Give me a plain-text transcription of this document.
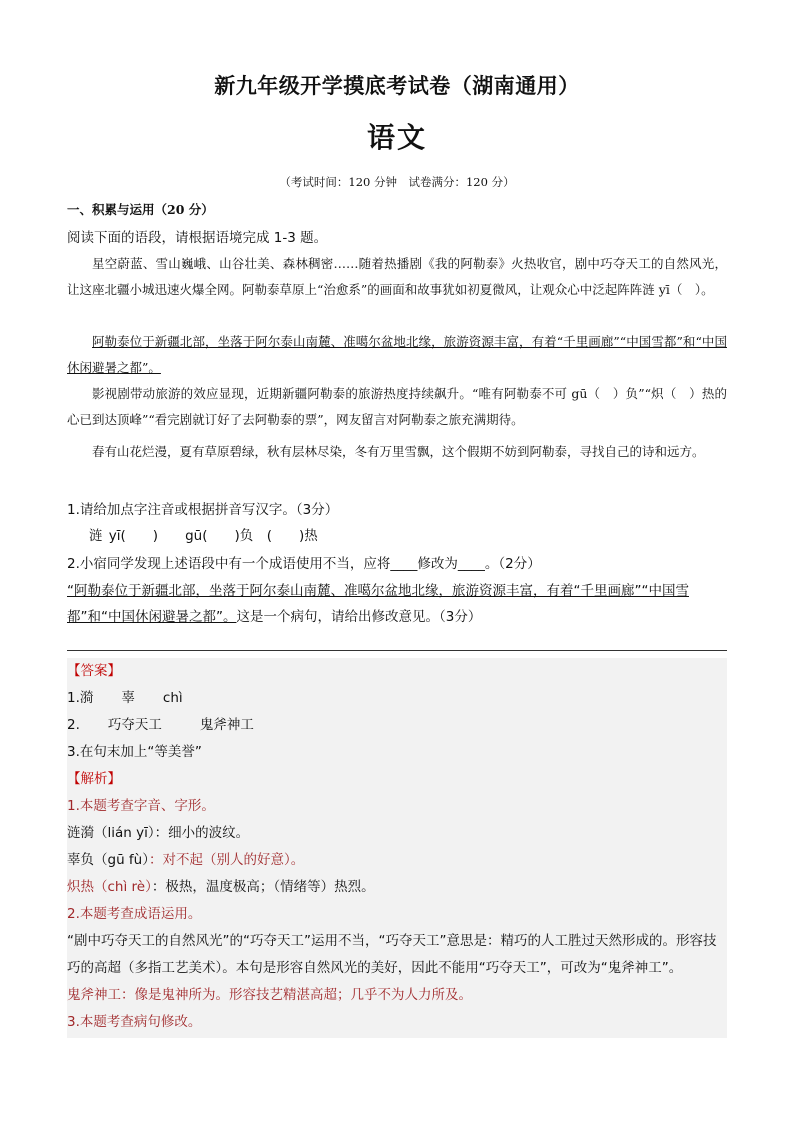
新九年级开学摸底考试卷（湖南通用）
语文
（考试时间：120 分钟　试卷满分：120 分）
一、积累与运用（20 分）
阅读下面的语段，请根据语境完成 1-3 题。
星空蔚蓝、雪山巍峨、山谷壮美、森林稠密……随着热播剧《我的阿勒泰》火热收官，剧中巧夺天工的自然风光，让这座北疆小城迅速火爆全网。阿勒泰草原上“治愈系”的画面和故事犹如初夏微风，让观众心中泛起阵阵涟 yī（　）。
阿勒泰位于新疆北部，坐落于阿尔泰山南麓、准噶尔盆地北缘，旅游资源丰富，有着“千里画廊”“中国雪都”和“中国休闲避暑之都”。
影视剧带动旅游的效应显现，近期新疆阿勒泰的旅游热度持续飙升。“唯有阿勒泰不可 gū（　）负”“炽（　）热的心已到达顶峰”“看完剧就订好了去阿勒泰的票”，网友留言对阿勒泰之旅充满期待。
春有山花烂漫，夏有草原碧绿，秋有层林尽染，冬有万里雪飘，这个假期不妨到阿勒泰，寻找自己的诗和远方。
1.请给加点字注音或根据拼音写汉字。（3分）
涟 yī(　　)　　gū(　　)负　(　　)热
2.小宿同学发现上述语段中有一个成语使用不当，应将____修改为____。（2分）
“阿勒泰位于新疆北部，坐落于阿尔泰山南麓、准噶尔盆地北缘，旅游资源丰富，有着“千里画廊”“中国雪都”和“中国休闲避暑之都”。这是一个病句，请给出修改意见。（3分）
【答案】
1.漪 辜 chì
2. 巧夺天工	鬼斧神工
3.在句末加上“等美誉”
【解析】
1.本题考查字音、字形。
涟漪（lián yī）：细小的波纹。
辜负（gū fù）：对不起（别人的好意）。
炽热（chì rè）：极热，温度极高；（情绪等）热烈。
2.本题考查成语运用。
“剧中巧夺天工的自然风光”的“巧夺天工”运用不当，“巧夺天工”意思是：精巧的人工胜过天然形成的。形容技巧的高超（多指工艺美术）。本句是形容自然风光的美好，因此不能用“巧夺天工”，可改为“鬼斧神工”。
鬼斧神工：像是鬼神所为。形容技艺精湛高超；几乎不为人力所及。
3.本题考查病句修改。
